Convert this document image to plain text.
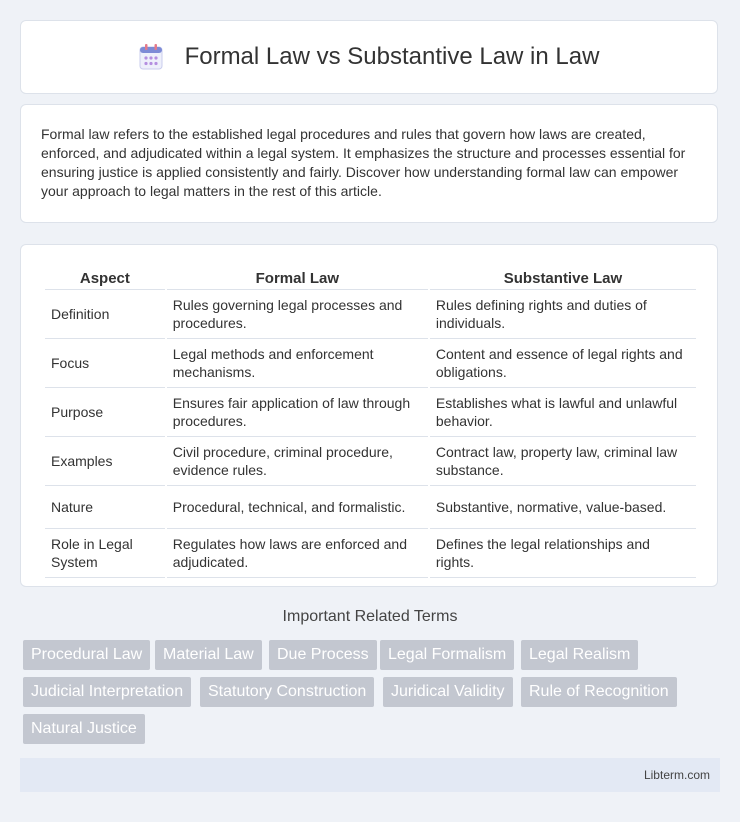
Formal Law vs Substantive Law in Law

Formal law refers to the established legal procedures and rules that govern how laws are created, enforced, and adjudicated within a legal system. It emphasizes the structure and processes essential for ensuring justice is applied consistently and fairly. Discover how understanding formal law can empower your approach to legal matters in the rest of this article.

Aspect	Formal Law	Substantive Law
Definition	Rules governing legal processes and procedures.	Rules defining rights and duties of individuals.
Focus	Legal methods and enforcement mechanisms.	Content and essence of legal rights and obligations.
Purpose	Ensures fair application of law through procedures.	Establishes what is lawful and unlawful behavior.
Examples	Civil procedure, criminal procedure, evidence rules.	Contract law, property law, criminal law substance.
Nature	Procedural, technical, and formalistic.	Substantive, normative, value-based.
Role in Legal System	Regulates how laws are enforced and adjudicated.	Defines the legal relationships and rights.
Important Related Terms
Procedural Law	Material Law	Due Process	Legal Formalism	Legal Realism
Judicial Interpretation	Statutory Construction	Juridical Validity	Rule of Recognition
Natural Justice
Libterm.com
